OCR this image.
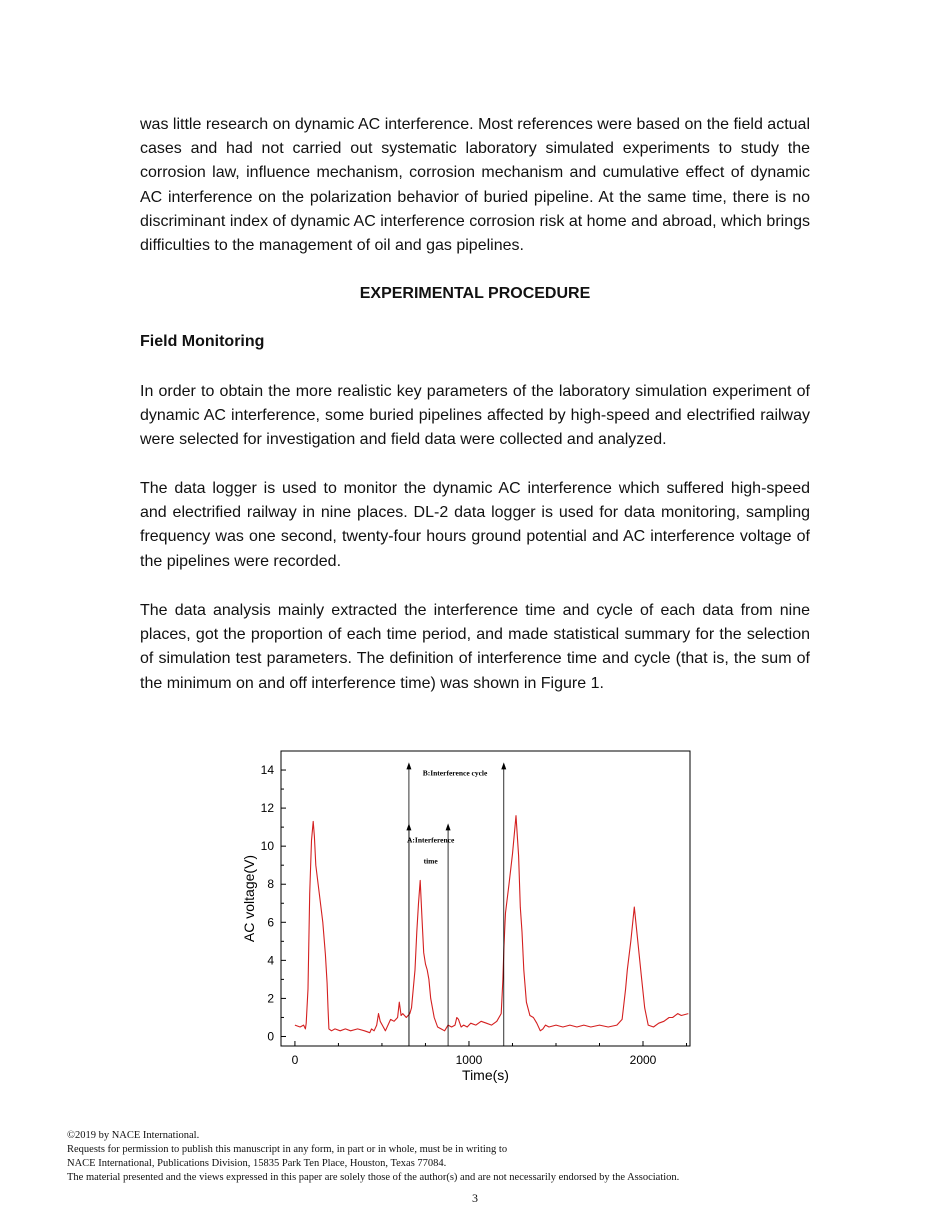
was little research on dynamic AC interference. Most references were based on the field actual cases and had not carried out systematic laboratory simulated experiments to study the corrosion law, influence mechanism, corrosion mechanism and cumulative effect of dynamic AC interference on the polarization behavior of buried pipeline. At the same time, there is no discriminant index of dynamic AC interference corrosion risk at home and abroad, which brings difficulties to the management of oil and gas pipelines.

EXPERIMENTAL PROCEDURE

Field Monitoring

In order to obtain the more realistic key parameters of the laboratory simulation experiment of dynamic AC interference, some buried pipelines affected by high-speed and electrified railway were selected for investigation and field data were collected and analyzed.

The data logger is used to monitor the dynamic AC interference which suffered high-speed and electrified railway in nine places. DL-2 data logger is used for data monitoring, sampling frequency was one second, twenty-four hours ground potential and AC interference voltage of the pipelines were recorded.

The data analysis mainly extracted the interference time and cycle of each data from nine places, got the proportion of each time period, and made statistical summary for the selection of simulation test parameters. The definition of interference time and cycle (that is, the sum of the minimum on and off interference time) was shown in Figure 1.

0
2
4
6
8
10
12
14
0	1000	2000
Time(s)
AC voltage(V)
B:Interference cycle
A:Interference
time
©2019 by NACE International.
Requests for permission to publish this manuscript in any form, in part or in whole, must be in writing to
NACE International, Publications Division, 15835 Park Ten Place, Houston, Texas 77084.
The material presented and the views expressed in this paper are solely those of the author(s) and are not necessarily endorsed by the Association.
3
